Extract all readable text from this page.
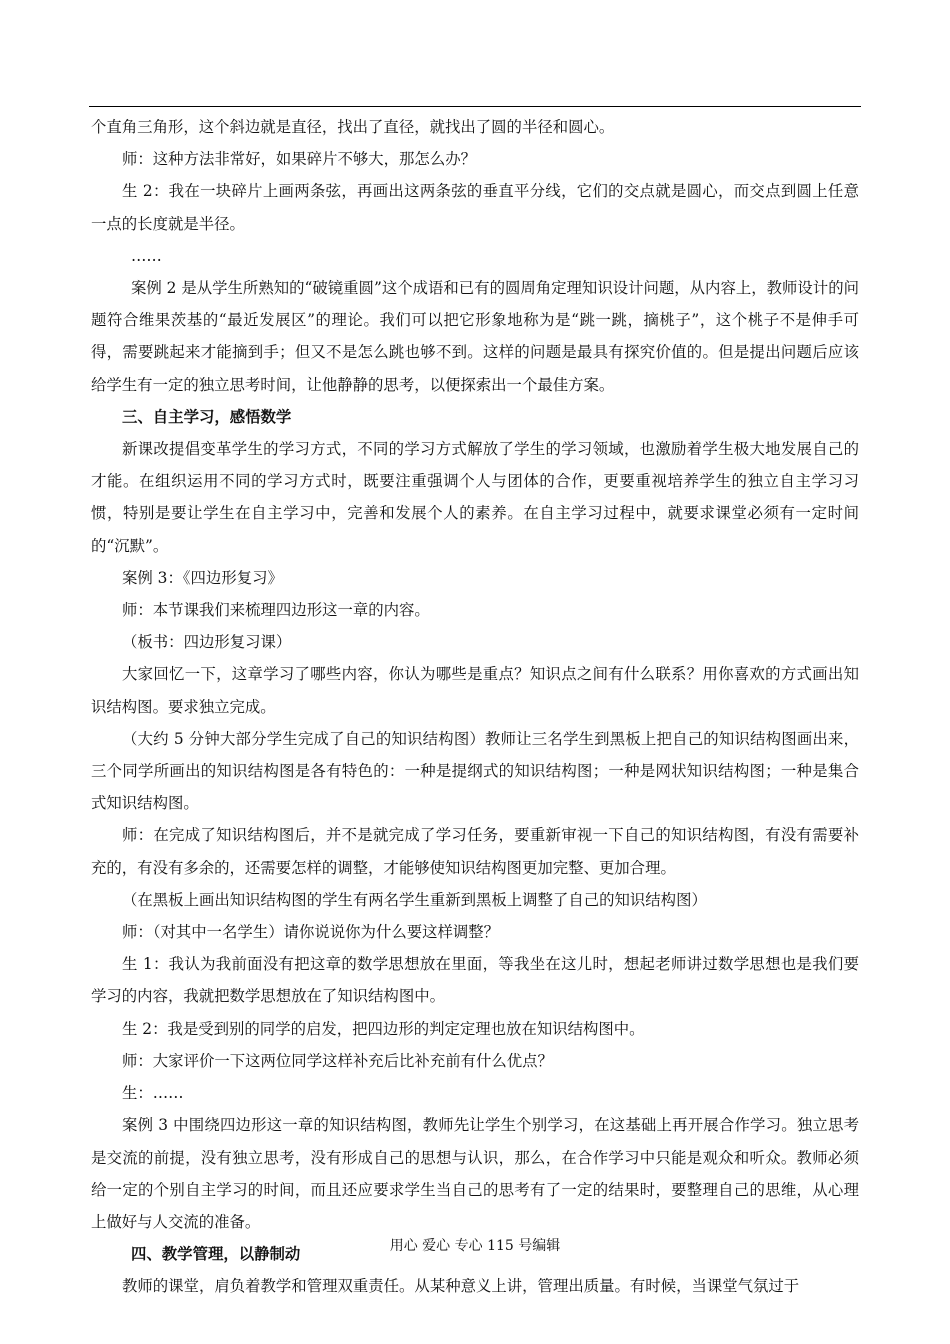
个直角三角形，这个斜边就是直径，找出了直径，就找出了圆的半径和圆心。

师：这种方法非常好，如果碎片不够大，那怎么办？

生 2：我在一块碎片上画两条弦，再画出这两条弦的垂直平分线，它们的交点就是圆心，而交点到圆上任意一点的长度就是半径。

……

案例 2 是从学生所熟知的“破镜重圆”这个成语和已有的圆周角定理知识设计问题，从内容上，教师设计的问题符合维果茨基的“最近发展区”的理论。我们可以把它形象地称为是“跳一跳，摘桃子”，这个桃子不是伸手可得，需要跳起来才能摘到手；但又不是怎么跳也够不到。这样的问题是最具有探究价值的。但是提出问题后应该给学生有一定的独立思考时间，让他静静的思考，以便探索出一个最佳方案。

三、自主学习，感悟数学

新课改提倡变革学生的学习方式，不同的学习方式解放了学生的学习领域，也激励着学生极大地发展自己的才能。在组织运用不同的学习方式时，既要注重强调个人与团体的合作，更要重视培养学生的独立自主学习习惯，特别是要让学生在自主学习中，完善和发展个人的素养。在自主学习过程中，就要求课堂必须有一定时间的“沉默”。

案例 3：《四边形复习》

师：本节课我们来梳理四边形这一章的内容。

（板书：四边形复习课）

大家回忆一下，这章学习了哪些内容，你认为哪些是重点？知识点之间有什么联系？用你喜欢的方式画出知识结构图。要求独立完成。

（大约 5 分钟大部分学生完成了自己的知识结构图）教师让三名学生到黑板上把自己的知识结构图画出来，三个同学所画出的知识结构图是各有特色的：一种是提纲式的知识结构图；一种是网状知识结构图；一种是集合式知识结构图。

师：在完成了知识结构图后，并不是就完成了学习任务，要重新审视一下自己的知识结构图，有没有需要补充的，有没有多余的，还需要怎样的调整，才能够使知识结构图更加完整、更加合理。

（在黑板上画出知识结构图的学生有两名学生重新到黑板上调整了自己的知识结构图）

师：（对其中一名学生）请你说说你为什么要这样调整？

生 1：我认为我前面没有把这章的数学思想放在里面，等我坐在这儿时，想起老师讲过数学思想也是我们要学习的内容，我就把数学思想放在了知识结构图中。

生 2：我是受到别的同学的启发，把四边形的判定定理也放在知识结构图中。

师：大家评价一下这两位同学这样补充后比补充前有什么优点？

生：……

案例 3 中围绕四边形这一章的知识结构图，教师先让学生个别学习，在这基础上再开展合作学习。独立思考是交流的前提，没有独立思考，没有形成自己的思想与认识，那么，在合作学习中只能是观众和听众。教师必须给一定的个别自主学习的时间，而且还应要求学生当自己的思考有了一定的结果时，要整理自己的思维，从心理上做好与人交流的准备。

四、教学管理，以静制动

教师的课堂，肩负着教学和管理双重责任。从某种意义上讲，管理出质量。有时候，当课堂气氛过于

用心 爱心 专心 115 号编辑
